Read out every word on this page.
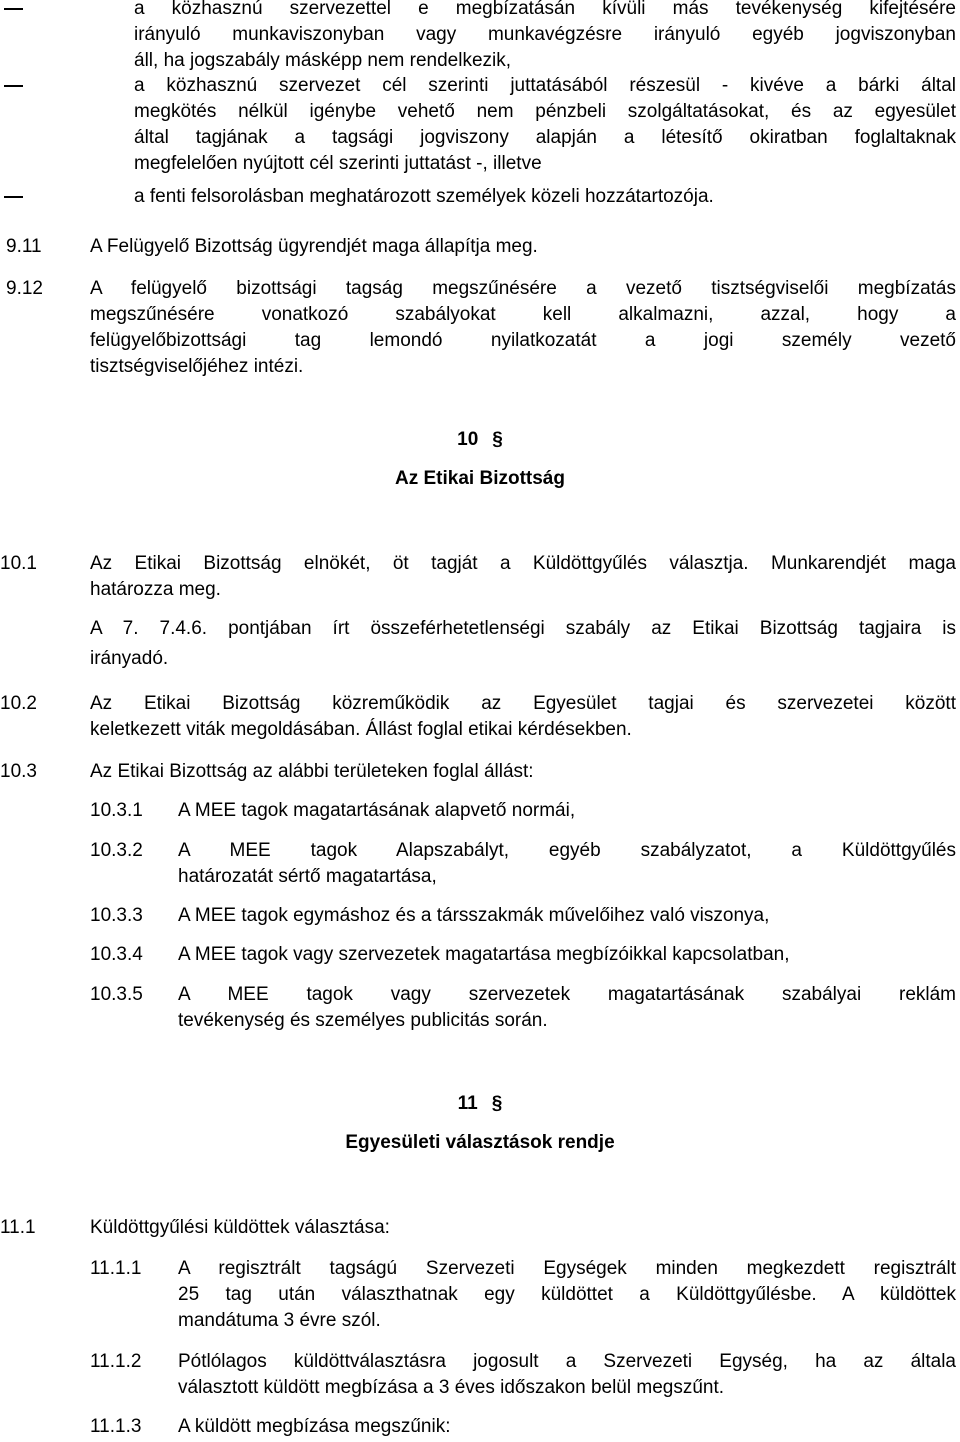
a közhasznú szervezettel e megbízatásán kívüli más tevékenység kifejtésére
irányuló munkaviszonyban vagy munkavégzésre irányuló egyéb jogviszonyban
áll, ha jogszabály másképp nem rendelkezik,
a közhasznú szervezet cél szerinti juttatásából részesül - kivéve a bárki által
megkötés nélkül igénybe vehető nem pénzbeli szolgáltatásokat, és az egyesület
által tagjának a tagsági jogviszony alapján a létesítő okiratban foglaltaknak
megfelelően nyújtott cél szerinti juttatást -, illetve
a fenti felsorolásban meghatározott személyek közeli hozzátartozója.
9.11	A Felügyelő Bizottság ügyrendjét maga állapítja meg.
9.12	A felügyelő bizottsági tagság megszűnésére a vezető tisztségviselői megbízatás
megszűnésére vonatkozó szabályokat kell alkalmazni, azzal, hogy a
felügyelőbizottsági tag lemondó nyilatkozatát a jogi személy vezető
tisztségviselőjéhez intézi.
10 §
Az Etikai Bizottság
10.1	Az Etikai Bizottság elnökét, öt tagját a Küldöttgyűlés választja. Munkarendjét maga
határozza meg.
A 7. 7.4.6. pontjában írt összeférhetetlenségi szabály az Etikai Bizottság tagjaira is
irányadó.
10.2	Az Etikai Bizottság közreműködik az Egyesület tagjai és szervezetei között
keletkezett viták megoldásában. Állást foglal etikai kérdésekben.
10.3	Az Etikai Bizottság az alábbi területeken foglal állást:
10.3.1	A MEE tagok magatartásának alapvető normái,
10.3.2	A MEE tagok Alapszabályt, egyéb szabályzatot, a Küldöttgyűlés
határozatát sértő magatartása,
10.3.3	A MEE tagok egymáshoz és a társszakmák művelőihez való viszonya,
10.3.4	A MEE tagok vagy szervezetek magatartása megbízóikkal kapcsolatban,
10.3.5	A MEE tagok vagy szervezetek magatartásának szabályai reklám
tevékenység és személyes publicitás során.
11 §
Egyesületi választások rendje
11.1	Küldöttgyűlési küldöttek választása:
11.1.1	A regisztrált tagságú Szervezeti Egységek minden megkezdett regisztrált
25 tag után választhatnak egy küldöttet a Küldöttgyűlésbe. A küldöttek
mandátuma 3 évre szól.
11.1.2	Pótlólagos küldöttválasztásra jogosult a Szervezeti Egység, ha az általa
választott küldött megbízása a 3 éves időszakon belül megszűnt.
11.1.3	A küldött megbízása megszűnik:
